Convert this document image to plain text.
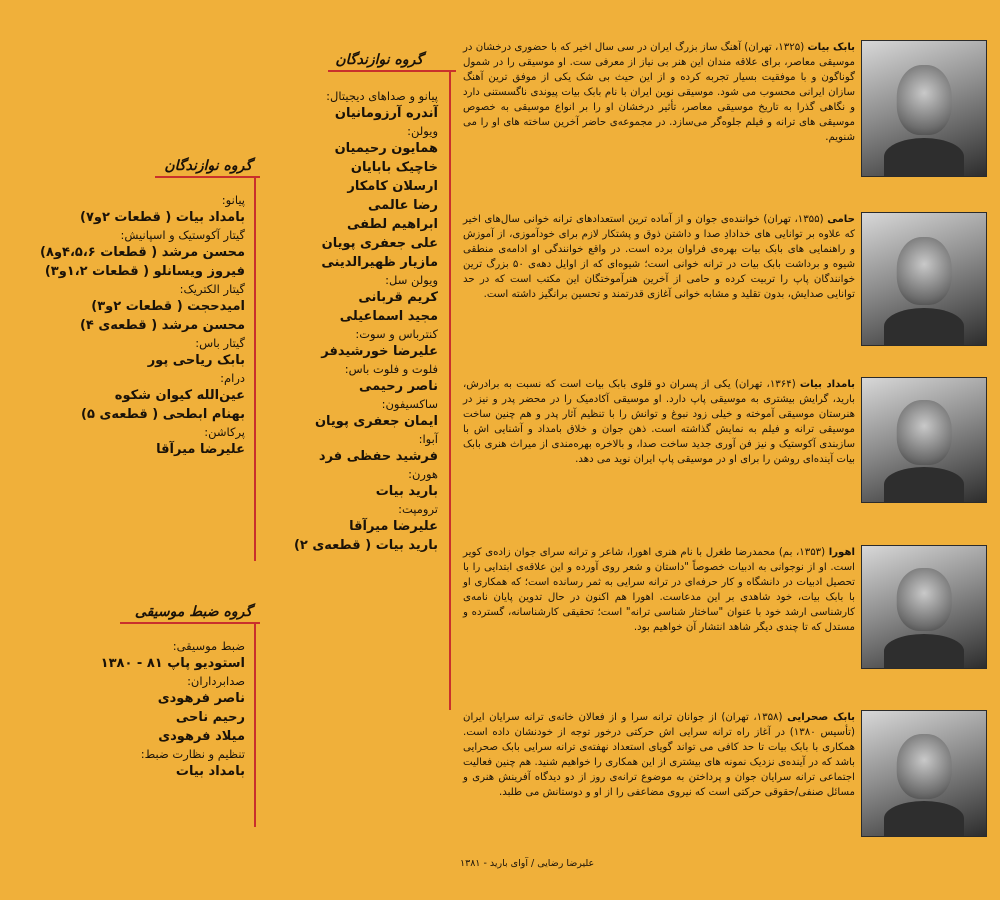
گروه نوازندگان
پیانو و صداهای دیجیتال:
آندره آرزومانیان
ویولن:
همایون رحیمیان
خاچیک بابایان
ارسلان کامکار
رضا عالمی
ابراهیم لطفی
علی جعفری پویان
مازیار ظهیرالدینی
ویولن سل:
کریم قربانی
مجید اسماعیلی
کنترباس و سوت:
علیرضا خورشیدفر
فلوت و فلوت باس:
ناصر رحیمی
ساکسیفون:
ایمان جعفری پویان
آبوا:
فرشید حفظی فرد
هورن:
بارید بیات
ترومپت:
علیرضا میرآقا
بارید بیات ( قطعه‌ی ۲)
گروه نوازندگان
پیانو:
بامداد بیات ( قطعات ۲و۷)
گیتار آکوستیک و اسپانیش:
محسن مرشد ( قطعات ۴،۵،۶و۸)
فیروز ویسانلو ( قطعات ۱،۲و۳)
گیتار الکتریک:
امیدحجت ( قطعات ۲و۳)
محسن مرشد ( قطعه‌ی ۴)
گیتار باس:
بابک ریاحی پور
درام:
عین‌الله کیوان شکوه
بهنام ابطحی ( قطعه‌ی ۵)
پرکاشن:
علیرضا میرآقا
گروه ضبط موسیقی
ضبط موسیقی:
استودیو پاپ ۸۱ - ۱۳۸۰
صدابرداران:
ناصر فرهودی
رحیم ناحی
میلاد فرهودی
تنظیم و نظارت ضبط:
بامداد بیات
بابک بیات (۱۳۲۵، تهران) آهنگ ساز بزرگ ایران در سی سال اخیر که با حضوری درخشان در موسیقی معاصر، برای علاقه مندان این هنر بی نیاز از معرفی ست. او موسیقی را در شمول گوناگون و با موفقیت بسیار تجربه کرده و از این حیث بی شک یکی از موفق ترین آهنگ سازان ایرانی محسوب می شود. موسیقی نوین ایران با نام بابک بیات پیوندی ناگسستنی دارد و نگاهی گذرا به تاریخ موسیقی معاصر، تأثیر درخشان او را بر انواع موسیقی به خصوص موسیقی های ترانه و فیلم جلوه‌گر می‌سازد. در مجموعه‌ی حاضر آخرین ساخته های او را می شنویم.
حامی (۱۳۵۵، تهران) خواننده‌ی جوان و از آماده ترین استعدادهای ترانه خوانی سال‌های اخیر که علاوه بر توانایی های خدادادِ صدا و داشتن ذوق و پشتکار لازم برای خودآموزی، از آموزش و راهنمایی های بابک بیات بهره‌ی فراوان برده است. در واقع خوانندگی او ادامه‌ی منطقی شیوه و برداشت بابک بیات در ترانه خوانی است؛ شیوه‌ای که از اوایل دهه‌ی ۵۰ بزرگ ترین خوانندگان پاپ را تربیت کرده و حامی از آخرین هنرآموختگان این مکتب است که در حد توانایی صدایش، بدون تقلید و مشابه خوانی آغازی قدرتمند و تحسین برانگیز داشته است.
بامداد بیات (۱۳۶۴، تهران) یکی از پسران دو قلوی بابک بیات است که نسبت به برادرش، بارید، گرایش بیشتری به موسیقی پاپ دارد. او موسیقی آکادمیک را در محضر پدر و نیز در هنرستان موسیقی آموخته و خیلی زود نبوغ و توانش را با تنظیم آثار پدر و هم چنین ساخت موسیقی ترانه و فیلم به نمایش گذاشته است. ذهن جوان و خلاق بامداد و آشنایی اش با سازبندی آکوستیک و نیز فن آوری جدید ساخت صدا، و بالاخره بهره‌مندی از میراث هنری بابک بیات آینده‌ای روشن را برای او در موسیقی پاپ ایران نوید می دهد.
اهورا (۱۳۵۳، بم) محمدرضا طغرل با نام هنری اهورا، شاعر و ترانه سرای جوان زاده‌ی کویر است. او از نوجوانی به ادبیات خصوصاً "داستان و شعر روی آورده و این علاقه‌ی ابتدایی را با تحصیل ادبیات در دانشگاه و کار حرفه‌ای در ترانه سرایی به ثمر رسانده است؛ که همکاری او با بابک بیات، خود شاهدی بر این مدعاست. اهورا هم اکنون در حال تدوین پایان نامه‌ی کارشناسی ارشد خود با عنوان "ساختار شناسی ترانه" است؛ تحقیقی کارشناسانه، گسترده و مستدل که تا چندی دیگر شاهد انتشار آن خواهیم بود.
بابک صحرایی (۱۳۵۸، تهران) از جوانان ترانه سرا و از فعالان خانه‌ی ترانه سرایان ایران (تأسیس ۱۳۸۰) در آغاز راه ترانه سرایی اش حرکتی درخور توجه از خودنشان داده است. همکاری با بابک بیات تا حد کافی می تواند گویای استعداد نهفته‌ی ترانه سرایی بابک صحرایی باشد که در آینده‌ی نزدیک نمونه های بیشتری از این همکاری را خواهیم شنید. هم چنین فعالیت اجتماعی ترانه سرایان جوان و پرداختن به موضوع ترانه‌ی روز از دو دیدگاه آفرینش هنری و مسائل صنفی/حقوقی حرکتی است که نیروی مضاعفی را از او و دوستانش می طلبد.
علیرضا رضایی / آوای بارید - ۱۳۸۱
